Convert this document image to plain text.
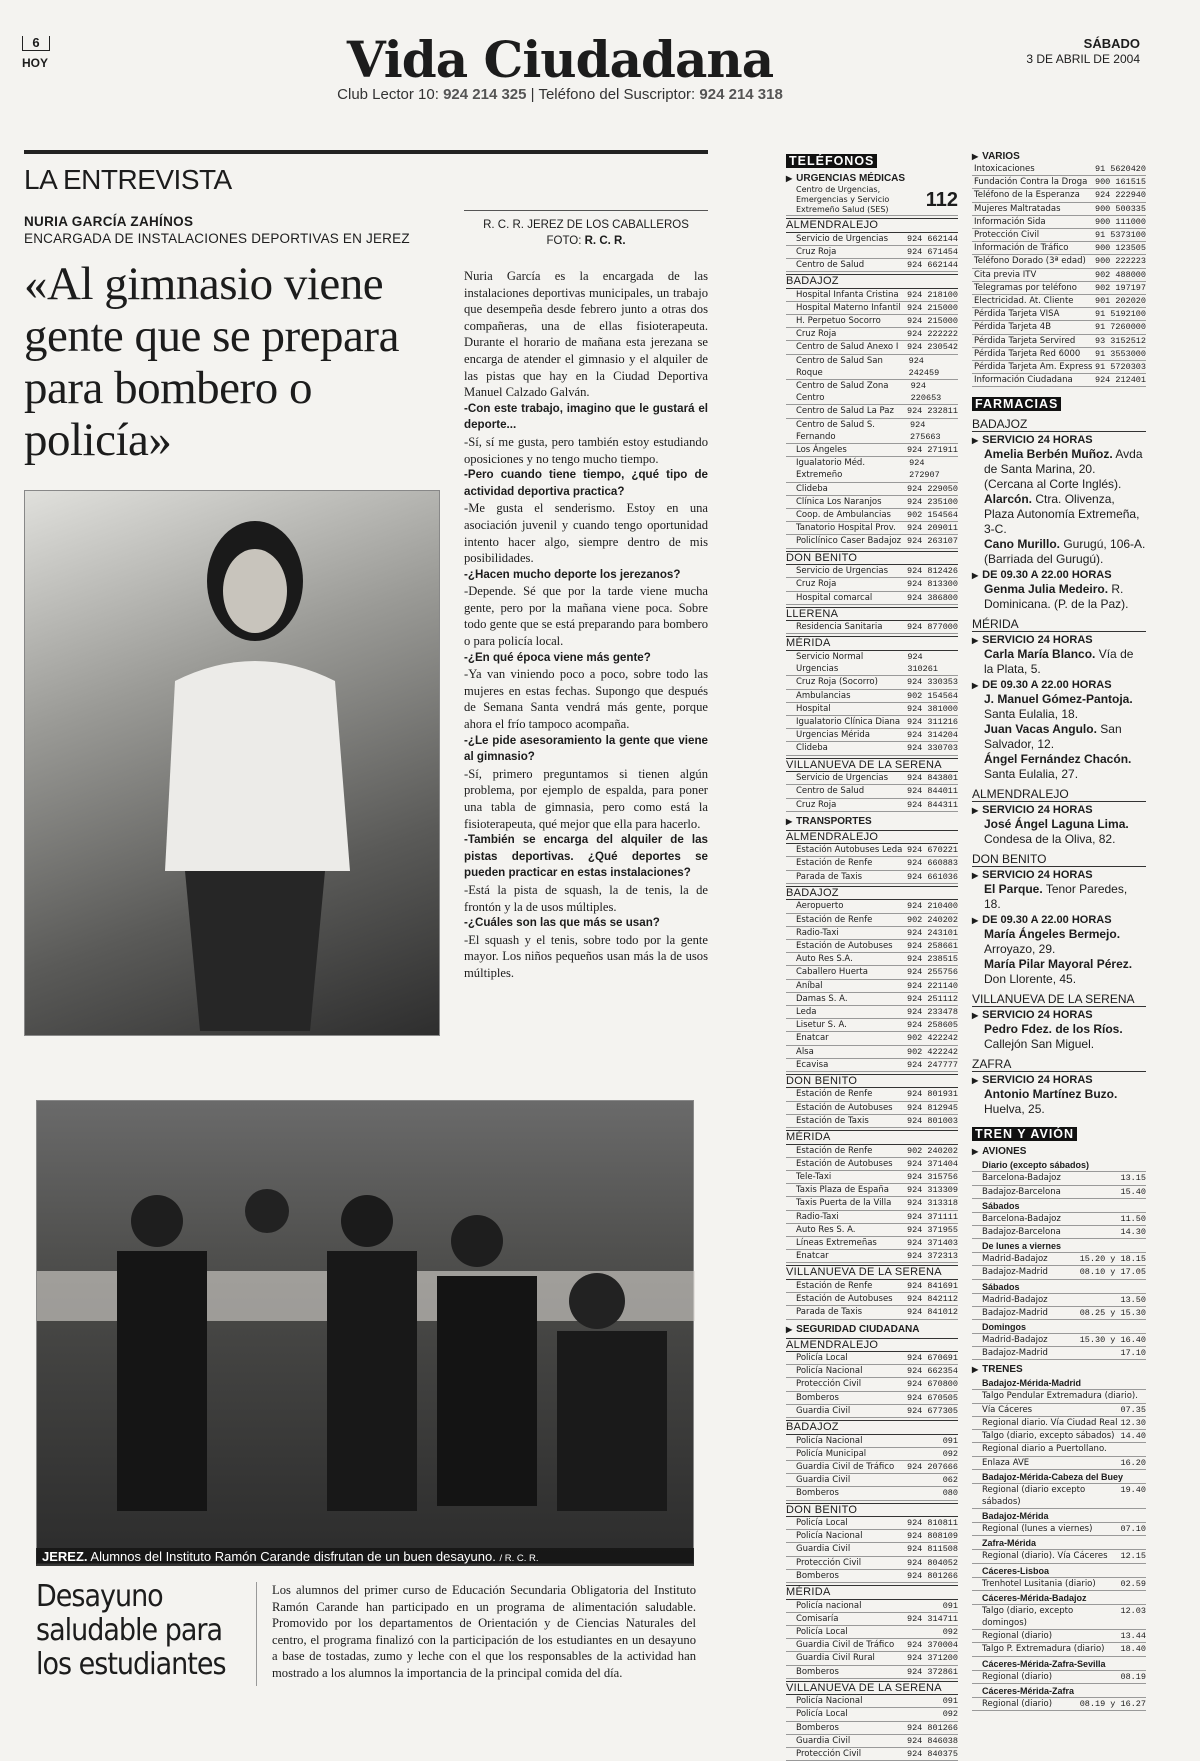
6
HOY	Vida Ciudadana
Club Lector 10: 924 214 325 | Teléfono del Suscriptor: 924 214 318
SÁBADO
3 DE ABRIL DE 2004
LA ENTREVISTA
NURIA GARCÍA ZAHÍNOS
ENCARGADA DE INSTALACIONES DEPORTIVAS EN JEREZ
«Al gimnasio viene gente que se prepara para bombero o policía»
R. C. R. JEREZ DE LOS CABALLEROS
FOTO: R. C. R.

Nuria García es la encargada de las instalaciones deportivas municipales, un trabajo que desempeña desde febrero junto a otras dos compañeras, una de ellas fisioterapeuta. Durante el horario de mañana esta jerezana se encarga de atender el gimnasio y el alquiler de las pistas que hay en la Ciudad Deportiva Manuel Calzado Galván.

-Con este trabajo, imagino que le gustará el deporte...

-Sí, sí me gusta, pero también estoy estudiando oposiciones y no tengo mucho tiempo.

-Pero cuando tiene tiempo, ¿qué tipo de actividad deportiva practica?

-Me gusta el senderismo. Estoy en una asociación juvenil y cuando tengo oportunidad intento hacer algo, siempre dentro de mis posibilidades.

-¿Hacen mucho deporte los jerezanos?

-Depende. Sé que por la tarde viene mucha gente, pero por la mañana viene poca. Sobre todo gente que se está preparando para bombero o para policía local.

-¿En qué época viene más gente?

-Ya van viniendo poco a poco, sobre todo las mujeres en estas fechas. Supongo que después de Semana Santa vendrá más gente, porque ahora el frío tampoco acompaña.

-¿Le pide asesoramiento la gente que viene al gimnasio?

-Sí, primero preguntamos si tienen algún problema, por ejemplo de espalda, para poner una tabla de gimnasia, pero como está la fisioterapeuta, qué mejor que ella para hacerlo.

-También se encarga del alquiler de las pistas deportivas. ¿Qué deportes se pueden practicar en estas instalaciones?

-Está la pista de squash, la de tenis, la de frontón y la de usos múltiples.

-¿Cuáles son las que más se usan?

-El squash y el tenis, sobre todo por la gente mayor. Los niños pequeños usan más la de usos múltiples.

JEREZ. Alumnos del Instituto Ramón Carande disfrutan de un buen desayuno. / R. C. R.
Desayuno saludable para los estudiantes
Los alumnos del primer curso de Educación Secundaria Obligatoria del Instituto Ramón Carande han participado en un programa de alimentación saludable. Promovido por los departamentos de Orientación y de Ciencias Naturales del centro, el programa finalizó con la participación de los estudiantes en un desayuno a base de tostadas, zumo y leche con el que los responsables de la actividad han mostrado a los alumnos la importancia de la principal comida del día.
TELÉFONOS
▶ URGENCIAS MÉDICAS
Centro de Urgencias, Emergencias y Servicio Extremeño Salud (SES)	112
ALMENDRALEJO
Servicio de Urgencias 924 662144
Cruz Roja	924 671454
Centro de Salud	924 662144
BADAJOZ
Hospital Infanta Cristina 924 218100
Hospital Materno Infantil 924 215000
H. Perpetuo Socorro	924 215000
Cruz Roja	924 222222
Centro de Salud Anexo I 924 230542
Centro de Salud San Roque
924 242459
Centro de Salud Zona Centro
924 220653
Centro de Salud La Paz 924 232811
Centro de Salud S. Fernando
924 275663
Los Ángeles	924 271911
Igualatorio Méd. Extremeño
924 272907
Clideba	924 229050
Clínica Los Naranjos	924 235100
Coop. de Ambulancias 902 154564
Tanatorio Hospital Prov. 924 209011
Policlínico Caser Badajoz 924 263107
DON BENITO
Servicio de Urgencias 924 812426
Cruz Roja	924 813300
Hospital comarcal	924 386800
LLERENA
Residencia Sanitaria	924 877000
MÉRIDA
Servicio Normal Urgencias
924 310261
Cruz Roja (Socorro)	924 330353
Ambulancias	902 154564
Hospital	924 381000
Igualatorio Clínica Diana 924 311216
Urgencias Mérida	924 314204
Clideba	924 330703
VILLANUEVA DE LA SERENA
Servicio de Urgencias 924 843801
Centro de Salud	924 844011
Cruz Roja	924 844311
▶ TRANSPORTES
ALMENDRALEJO
Estación Autobuses Leda 924 670221
Estación de Renfe	924 660883
Parada de Taxis	924 661036
BADAJOZ
Aeropuerto	924 210400
Estación de Renfe	902 240202
Radio-Taxi	924 243101
Estación de Autobuses 924 258661
Auto Res S.A.	924 238515
Caballero Huerta	924 255756
Aníbal	924 221140
Damas S. A.	924 251112
Leda	924 233478
Lisetur S. A.	924 258605
Enatcar	902 422242
Alsa	902 422242
Ecavisa	924 247777
DON BENITO
Estación de Renfe	924 801931
Estación de Autobuses 924 812945
Estación de Taxis	924 801003
MÉRIDA
Estación de Renfe	902 240202
Estación de Autobuses 924 371404
Tele-Taxi	924 315756
Taxis Plaza de España 924 313309
Taxis Puerta de la Villa 924 313318
Radio-Taxi	924 371111
Auto Res S. A.	924 371955
Líneas Extremeñas	924 371403
Enatcar	924 372313
VILLANUEVA DE LA SERENA
Estación de Renfe	924 841691
Estación de Autobuses 924 842112
Parada de Taxis	924 841012
▶ SEGURIDAD CIUDADANA
ALMENDRALEJO
Policía Local	924 670691
Policía Nacional	924 662354
Protección Civil	924 670800
Bomberos	924 670505
Guardia Civil	924 677305
BADAJOZ
Policía Nacional	091
Policía Municipal	092
Guardia Civil de Tráfico 924 207666
Guardia Civil	062
Bomberos	080
DON BENITO
Policía Local	924 810811
Policía Nacional	924 808109
Guardia Civil	924 811508
Protección Civil	924 804052
Bomberos	924 801266
MÉRIDA
Policía nacional	091
Comisaría	924 314711
Policía Local	092
Guardia Civil de Tráfico 924 370004
Guardia Civil Rural	924 371200
Bomberos	924 372861
VILLANUEVA DE LA SERENA
Policía Nacional	091
Policía Local	092
Bomberos	924 801266
Guardia Civil	924 846038
Protección Civil	924 840375
▶ VARIOS
Intoxicaciones	91 5620420
Fundación Contra la Droga 900 161515
Teléfono de la Esperanza 924 222940
Mujeres Maltratadas	900 500335
Información Sida	900 111000
Protección Civil	91 5373100
Información de Tráfico	900 123505
Teléfono Dorado (3ª edad) 900 222223
Cita previa ITV	902 488000
Telegramas por teléfono 902 197197
Electricidad. At. Cliente	901 202020
Pérdida Tarjeta VISA	91 5192100
Pérdida Tarjeta 4B	91 7260000
Pérdida Tarjeta Servired 93 3152512
Pérdida Tarjeta Red 6000 91 3553000
Pérdida Tarjeta Am. Express 91 5720303
Información Ciudadana	924 212401
FARMACIAS
BADAJOZ
▶ SERVICIO 24 HORAS
Amelia Berbén Muñoz. Avda de Santa Marina, 20. (Cercana al Corte Inglés).
Alarcón. Ctra. Olivenza, Plaza Autonomía Extremeña, 3-C.
Cano Murillo. Gurugú, 106-A. (Barriada del Gurugú).
▶ DE 09.30 A 22.00 HORAS
Genma Julia Medeiro. R. Dominicana. (P. de la Paz).
MÉRIDA
▶ SERVICIO 24 HORAS
Carla María Blanco. Vía de la Plata, 5.
▶ DE 09.30 A 22.00 HORAS
J. Manuel Gómez-Pantoja. Santa Eulalia, 18.
Juan Vacas Angulo. San Salvador, 12.
Ángel Fernández Chacón. Santa Eulalia, 27.
ALMENDRALEJO
▶ SERVICIO 24 HORAS
José Ángel Laguna Lima. Condesa de la Oliva, 82.
DON BENITO
▶ SERVICIO 24 HORAS
El Parque. Tenor Paredes, 18.
▶ DE 09.30 A 22.00 HORAS
María Ángeles Bermejo. Arroyazo, 29.
María Pilar Mayoral Pérez. Don Llorente, 45.
VILLANUEVA DE LA SERENA
▶ SERVICIO 24 HORAS
Pedro Fdez. de los Ríos. Callejón San Miguel.
ZAFRA
▶ SERVICIO 24 HORAS
Antonio Martínez Buzo. Huelva, 25.
TREN Y AVIÓN
▶ AVIONES
Diario (excepto sábados)
Barcelona-Badajoz	13.15
Badajoz-Barcelona	15.40
Sábados
Barcelona-Badajoz	11.50
Badajoz-Barcelona	14.30
De lunes a viernes
Madrid-Badajoz	15.20 y 18.15
Badajoz-Madrid	08.10 y 17.05
Sábados
Madrid-Badajoz	13.50
Badajoz-Madrid	08.25 y 15.30
Domingos
Madrid-Badajoz	15.30 y 16.40
Badajoz-Madrid	17.10
▶ TRENES
Badajoz-Mérida-Madrid
Talgo Pendular Extremadura (diario).
Vía Cáceres	07.35
Regional diario. Vía Ciudad Real 12.30
Talgo (diario, excepto sábados) 14.40
Regional diario a Puertollano.
Enlaza AVE	16.20
Badajoz-Mérida-Cabeza del Buey
Regional (diario excepto sábados)
19.40
Badajoz-Mérida
Regional (lunes a viernes)	07.10
Zafra-Mérida
Regional (diario). Vía Cáceres 12.15
Cáceres-Lisboa
Trenhotel Lusitania (diario)	02.59
Cáceres-Mérida-Badajoz
Talgo (diario, excepto domingos)
12.03
Regional (diario)	13.44
Talgo P. Extremadura (diario) 18.40
Cáceres-Mérida-Zafra-Sevilla
Regional (diario)	08.19
Cáceres-Mérida-Zafra
Regional (diario)	08.19 y 16.27
